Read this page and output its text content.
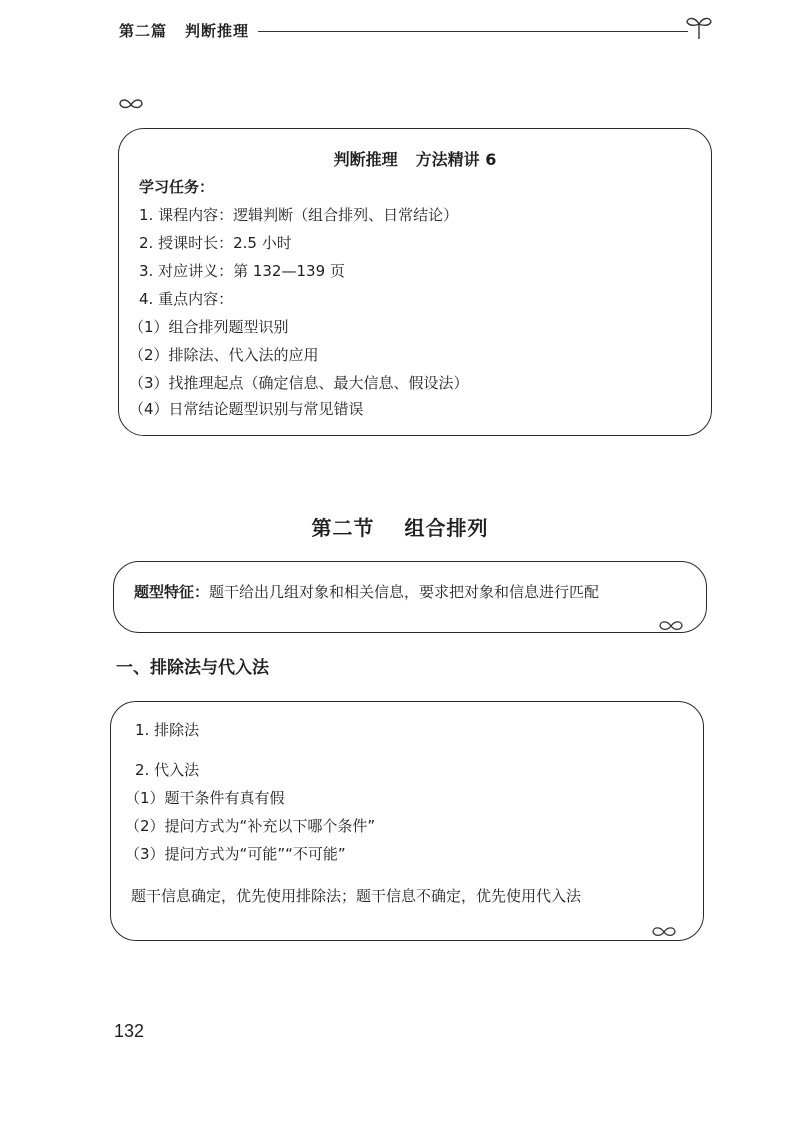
第二篇 判断推理
判断推理 方法精讲 6
学习任务：
1. 课程内容：逻辑判断（组合排列、日常结论）
2. 授课时长：2.5 小时
3. 对应讲义：第 132—139 页
4. 重点内容：
（1）组合排列题型识别
（2）排除法、代入法的应用
（3）找推理起点（确定信息、最大信息、假设法）
（4）日常结论题型识别与常见错误
第二节 组合排列
题型特征：题干给出几组对象和相关信息，要求把对象和信息进行匹配
一、排除法与代入法
1. 排除法
2. 代入法
（1）题干条件有真有假
（2）提问方式为“补充以下哪个条件”
（3）提问方式为“可能”“不可能”
题干信息确定，优先使用排除法；题干信息不确定，优先使用代入法
132
